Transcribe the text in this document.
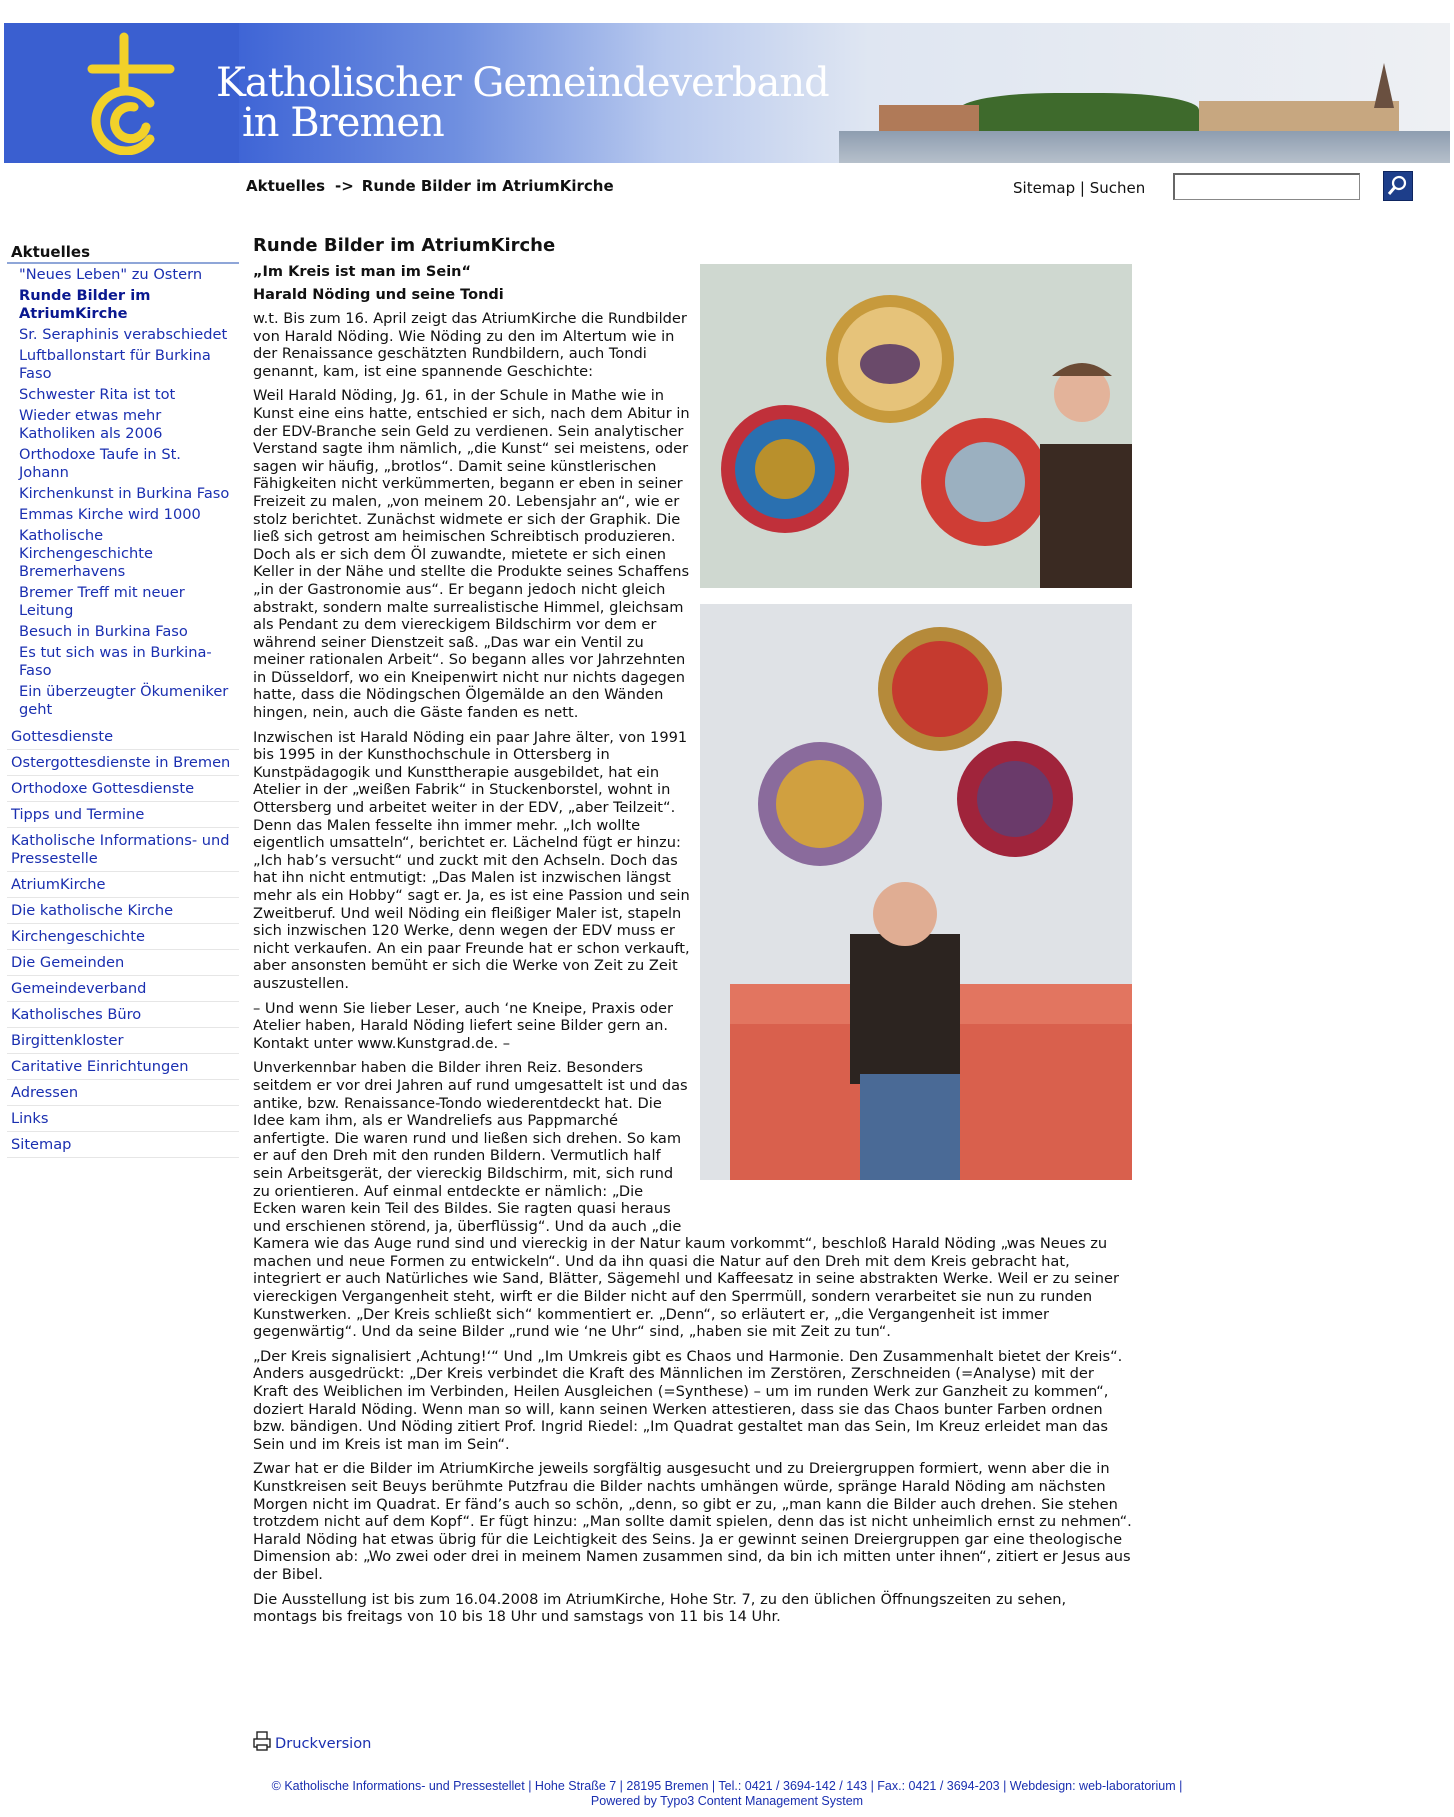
Katholischer Gemeindeverband
in Bremen
Aktuelles -> Runde Bilder im AtriumKirche	Sitemap | Suchen
Aktuelles
"Neues Leben" zu Ostern
Runde Bilder im AtriumKirche
Sr. Seraphinis verabschiedet
Luftballonstart für Burkina Faso
Schwester Rita ist tot
Wieder etwas mehr Katholiken als 2006
Orthodoxe Taufe in St. Johann
Kirchenkunst in Burkina Faso
Emmas Kirche wird 1000
Katholische Kirchengeschichte Bremerhavens
Bremer Treff mit neuer Leitung
Besuch in Burkina Faso
Es tut sich was in Burkina-Faso
Ein überzeugter Ökumeniker geht
Gottesdienste
Ostergottesdienste in Bremen
Orthodoxe Gottesdienste
Tipps und Termine
Katholische Informations- und Pressestelle
AtriumKirche
Die katholische Kirche
Kirchengeschichte
Die Gemeinden
Gemeindeverband
Katholisches Büro
Birgittenkloster
Caritative Einrichtungen
Adressen
Links
Sitemap
Runde Bilder im AtriumKirche
„Im Kreis ist man im Sein“
Harald Nöding und seine Tondi

w.t. Bis zum 16. April zeigt das AtriumKirche die Rundbilder von Harald Nöding. Wie Nöding zu den im Altertum wie in der Renaissance geschätzten Rundbildern, auch Tondi genannt, kam, ist eine spannende Geschichte:

Weil Harald Nöding, Jg. 61, in der Schule in Mathe wie in Kunst eine eins hatte, entschied er sich, nach dem Abitur in der EDV-Branche sein Geld zu verdienen. Sein analytischer Verstand sagte ihm nämlich, „die Kunst“ sei meistens, oder sagen wir häufig, „brotlos“. Damit seine künstlerischen Fähigkeiten nicht verkümmerten, begann er eben in seiner Freizeit zu malen, „von meinem 20. Lebensjahr an“, wie er stolz berichtet. Zunächst widmete er sich der Graphik. Die ließ sich getrost am heimischen Schreibtisch produzieren. Doch als er sich dem Öl zuwandte, mietete er sich einen Keller in der Nähe und stellte die Produkte seines Schaffens „in der Gastronomie aus“. Er begann jedoch nicht gleich abstrakt, sondern malte surrealistische Himmel, gleichsam als Pendant zu dem viereckigem Bildschirm vor dem er während seiner Dienstzeit saß. „Das war ein Ventil zu meiner rationalen Arbeit“. So begann alles vor Jahrzehnten in Düsseldorf, wo ein Kneipenwirt nicht nur nichts dagegen hatte, dass die Nödingschen Ölgemälde an den Wänden hingen, nein, auch die Gäste fanden es nett.

Inzwischen ist Harald Nöding ein paar Jahre älter, von 1991 bis 1995 in der Kunsthochschule in Ottersberg in Kunstpädagogik und Kunsttherapie ausgebildet, hat ein Atelier in der „weißen Fabrik“ in Stuckenborstel, wohnt in Ottersberg und arbeitet weiter in der EDV, „aber Teilzeit“. Denn das Malen fesselte ihn immer mehr. „Ich wollte eigentlich umsatteln“, berichtet er. Lächelnd fügt er hinzu: „Ich hab’s versucht“ und zuckt mit den Achseln. Doch das hat ihn nicht entmutigt: „Das Malen ist inzwischen längst mehr als ein Hobby“ sagt er. Ja, es ist eine Passion und sein Zweitberuf. Und weil Nöding ein fleißiger Maler ist, stapeln sich inzwischen 120 Werke, denn wegen der EDV muss er nicht verkaufen. An ein paar Freunde hat er schon verkauft, aber ansonsten bemüht er sich die Werke von Zeit zu Zeit auszustellen.

– Und wenn Sie lieber Leser, auch ‘ne Kneipe, Praxis oder Atelier haben, Harald Nöding liefert seine Bilder gern an. Kontakt unter www.Kunstgrad.de. –

Unverkennbar haben die Bilder ihren Reiz. Besonders seitdem er vor drei Jahren auf rund umgesattelt ist und das antike, bzw. Renaissance-Tondo wiederentdeckt hat. Die Idee kam ihm, als er Wandreliefs aus Pappmarché anfertigte. Die waren rund und ließen sich drehen. So kam er auf den Dreh mit den runden Bildern. Vermutlich half sein Arbeitsgerät, der viereckig Bildschirm, mit, sich rund zu orientieren. Auf einmal entdeckte er nämlich: „Die Ecken waren kein Teil des Bildes. Sie ragten quasi heraus und erschienen störend, ja, überflüssig“. Und da auch „die Kamera wie das Auge rund sind und viereckig in der Natur kaum vorkommt“, beschloß Harald Nöding „was Neues zu machen und neue Formen zu entwickeln“. Und da ihn quasi die Natur auf den Dreh mit dem Kreis gebracht hat, integriert er auch Natürliches wie Sand, Blätter, Sägemehl und Kaffeesatz in seine abstrakten Werke. Weil er zu seiner viereckigen Vergangenheit steht, wirft er die Bilder nicht auf den Sperrmüll, sondern verarbeitet sie nun zu runden Kunstwerken. „Der Kreis schließt sich“ kommentiert er. „Denn“, so erläutert er, „die Vergangenheit ist immer gegenwärtig“. Und da seine Bilder „rund wie ‘ne Uhr“ sind, „haben sie mit Zeit zu tun“.

„Der Kreis signalisiert ‚Achtung!‘“ Und „Im Umkreis gibt es Chaos und Harmonie. Den Zusammenhalt bietet der Kreis“. Anders ausgedrückt: „Der Kreis verbindet die Kraft des Männlichen im Zerstören, Zerschneiden (=Analyse) mit der Kraft des Weiblichen im Verbinden, Heilen Ausgleichen (=Synthese) – um im runden Werk zur Ganzheit zu kommen“, doziert Harald Nöding. Wenn man so will, kann seinen Werken attestieren, dass sie das Chaos bunter Farben ordnen bzw. bändigen. Und Nöding zitiert Prof. Ingrid Riedel: „Im Quadrat gestaltet man das Sein, Im Kreuz erleidet man das Sein und im Kreis ist man im Sein“.

Zwar hat er die Bilder im AtriumKirche jeweils sorgfältig ausgesucht und zu Dreiergruppen formiert, wenn aber die in Kunstkreisen seit Beuys berühmte Putzfrau die Bilder nachts umhängen würde, spränge Harald Nöding am nächsten Morgen nicht im Quadrat. Er fänd’s auch so schön, „denn, so gibt er zu, „man kann die Bilder auch drehen. Sie stehen trotzdem nicht auf dem Kopf“. Er fügt hinzu: „Man sollte damit spielen, denn das ist nicht unheimlich ernst zu nehmen“. Harald Nöding hat etwas übrig für die Leichtigkeit des Seins. Ja er gewinnt seinen Dreiergruppen gar eine theologische Dimension ab: „Wo zwei oder drei in meinem Namen zusammen sind, da bin ich mitten unter ihnen“, zitiert er Jesus aus der Bibel.

Die Ausstellung ist bis zum 16.04.2008 im AtriumKirche, Hohe Str. 7, zu den üblichen Öffnungszeiten zu sehen, montags bis freitags von 10 bis 18 Uhr und samstags von 11 bis 14 Uhr.

Druckversion
© Katholische Informations- und Pressestellet | Hohe Straße 7 | 28195 Bremen | Tel.: 0421 / 3694-142 / 143 | Fax.: 0421 / 3694-203 | Webdesign: web-laboratorium |
Powered by Typo3 Content Management System
